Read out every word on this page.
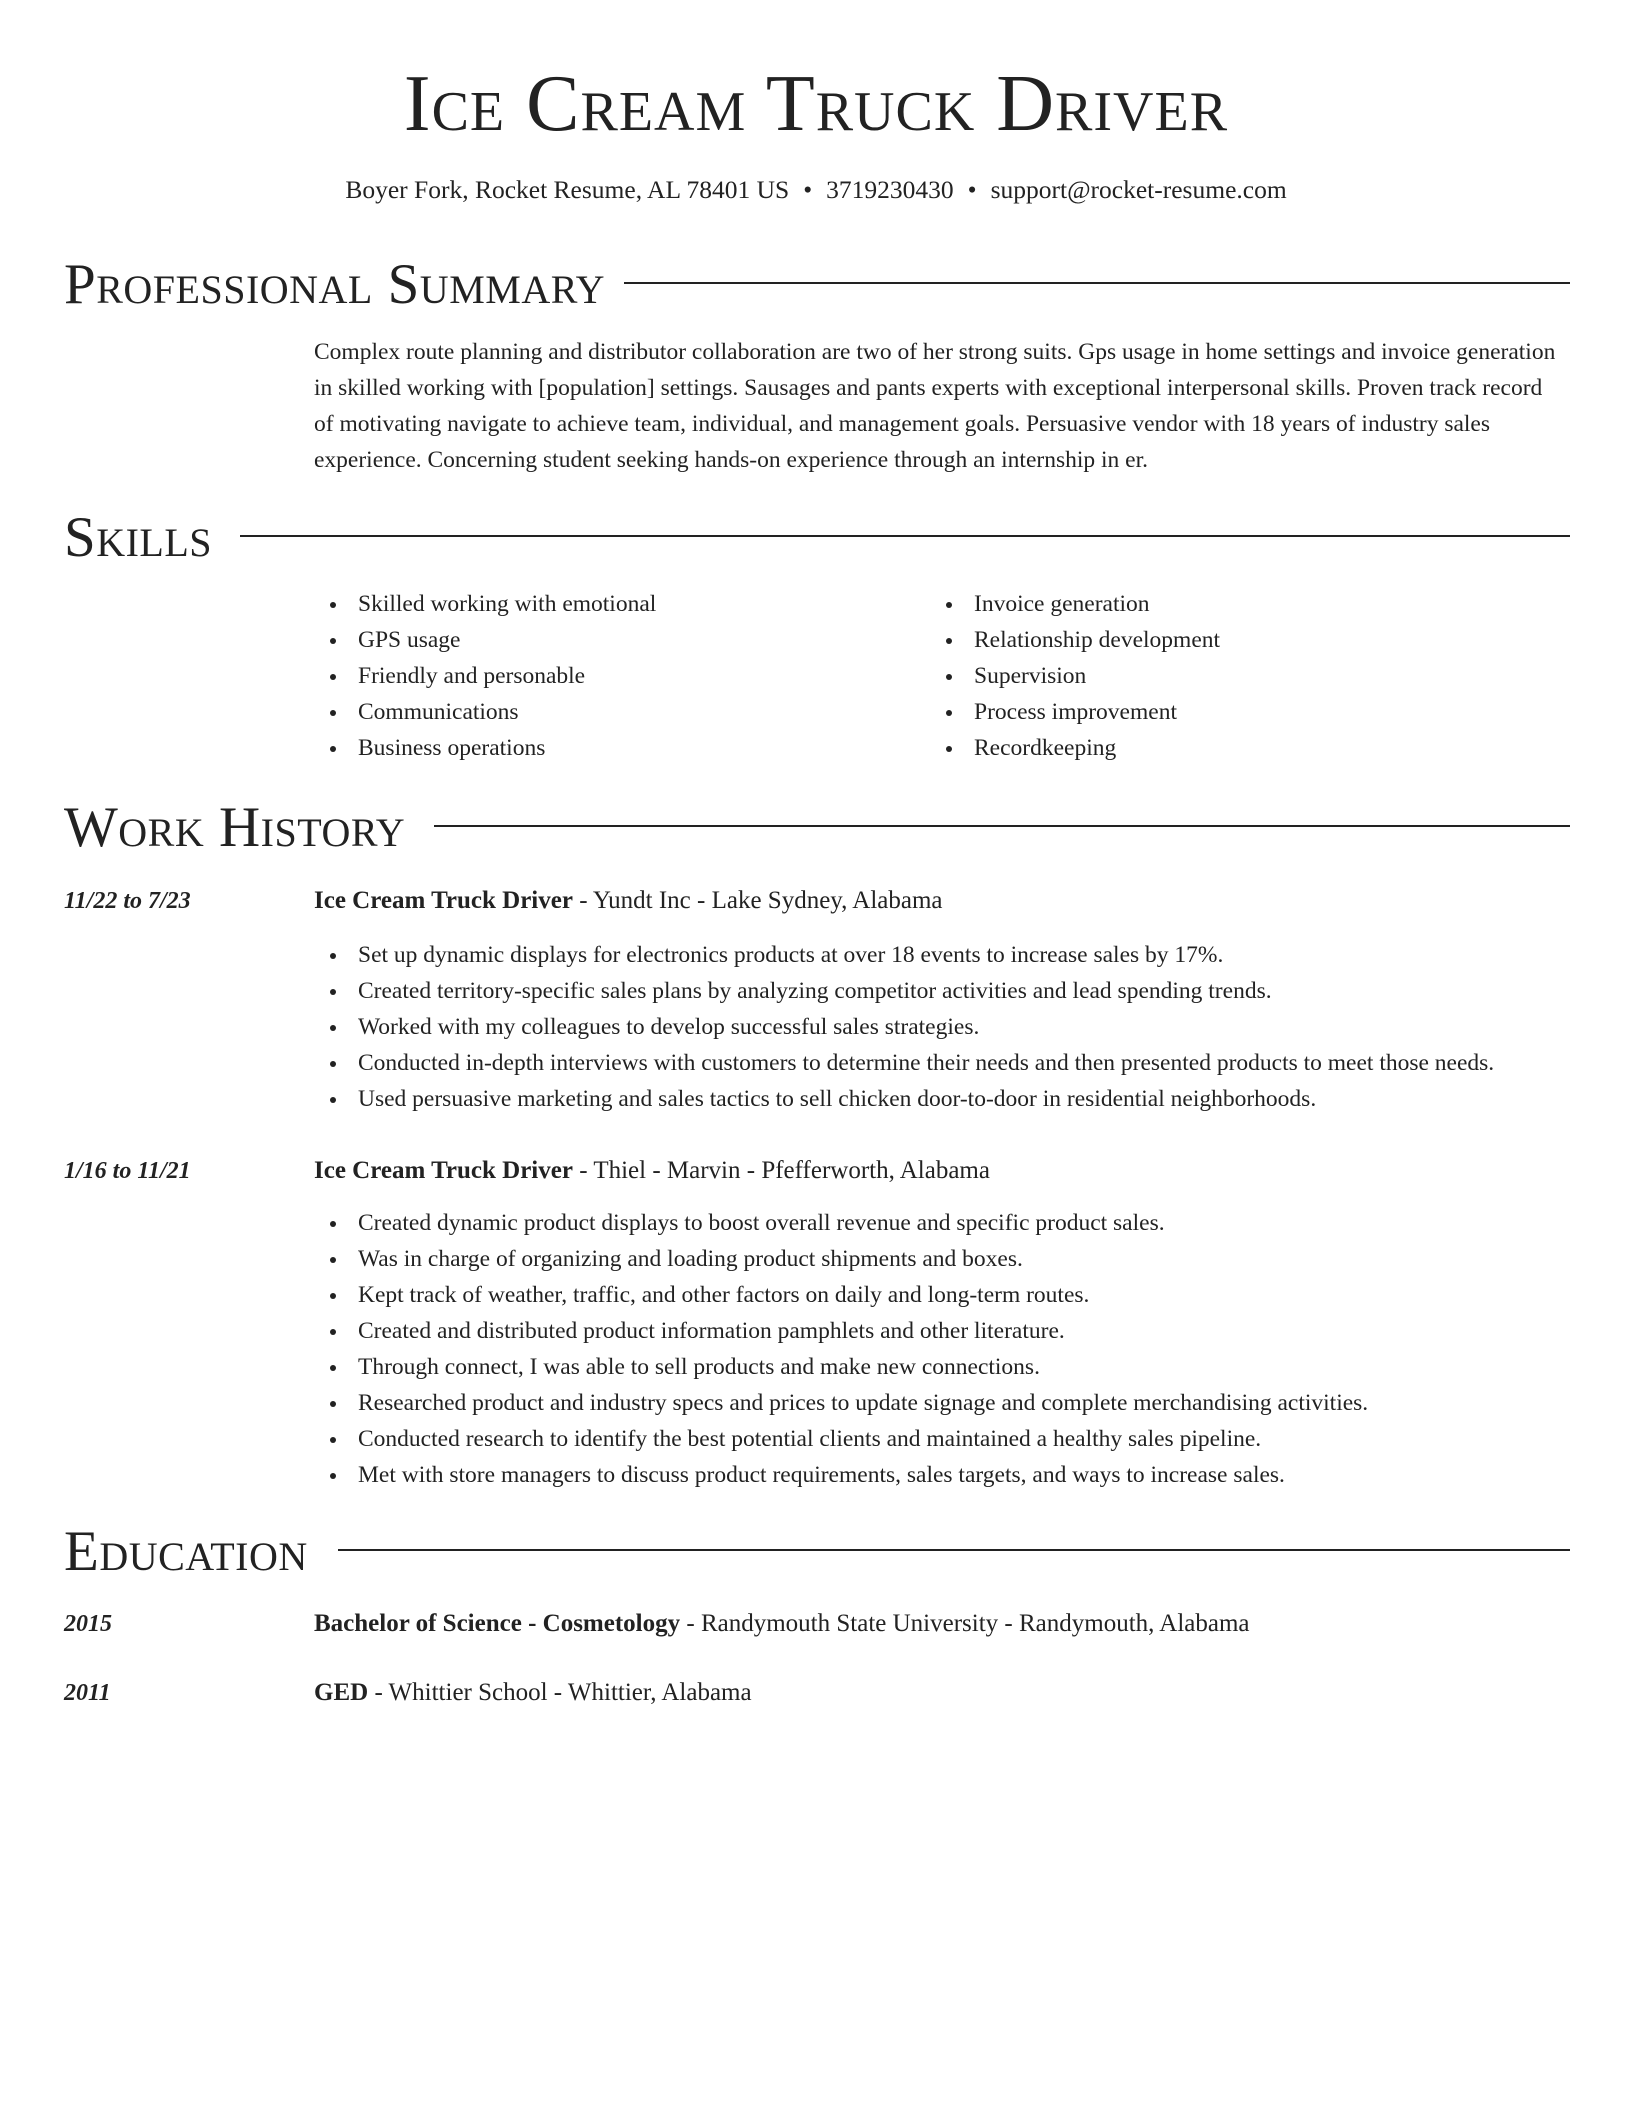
Ice Cream Truck Driver
Boyer Fork, Rocket Resume, AL 78401 US • 3719230430 • support@rocket-resume.com
Professional Summary
Complex route planning and distributor collaboration are two of her strong suits. Gps usage in home settings and invoice generation in skilled working with [population] settings. Sausages and pants experts with exceptional interpersonal skills. Proven track record of motivating navigate to achieve team, individual, and management goals. Persuasive vendor with 18 years of industry sales experience. Concerning student seeking hands-on experience through an internship in er.
Skills
Skilled working with emotional
GPS usage
Friendly and personable
Communications
Business operations
Invoice generation
Relationship development
Supervision
Process improvement
Recordkeeping
Work History
11/22 to 7/23	Ice Cream Truck Driver - Yundt Inc - Lake Sydney, Alabama
Set up dynamic displays for electronics products at over 18 events to increase sales by 17%.
Created territory-specific sales plans by analyzing competitor activities and lead spending trends.
Worked with my colleagues to develop successful sales strategies.
Conducted in-depth interviews with customers to determine their needs and then presented products to meet those needs.
Used persuasive marketing and sales tactics to sell chicken door-to-door in residential neighborhoods.
1/16 to 11/21	Ice Cream Truck Driver - Thiel - Marvin - Pfefferworth, Alabama
Created dynamic product displays to boost overall revenue and specific product sales.
Was in charge of organizing and loading product shipments and boxes.
Kept track of weather, traffic, and other factors on daily and long-term routes.
Created and distributed product information pamphlets and other literature.
Through connect, I was able to sell products and make new connections.
Researched product and industry specs and prices to update signage and complete merchandising activities.
Conducted research to identify the best potential clients and maintained a healthy sales pipeline.
Met with store managers to discuss product requirements, sales targets, and ways to increase sales.
Education
2015	Bachelor of Science - Cosmetology - Randymouth State University - Randymouth, Alabama
2011	GED - Whittier School - Whittier, Alabama
